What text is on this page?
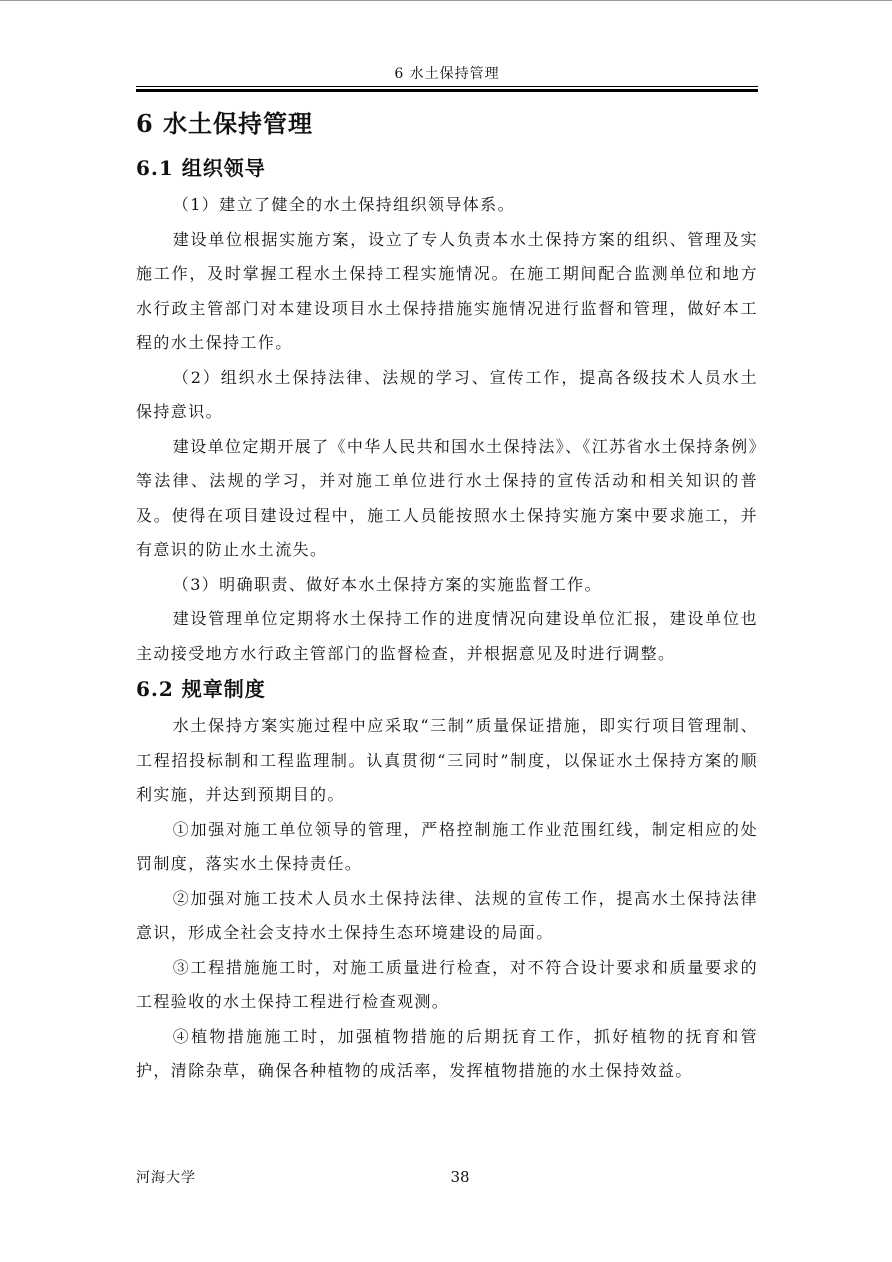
6 水土保持管理
6 水土保持管理
6.1 组织领导

（1）建立了健全的水土保持组织领导体系。

建设单位根据实施方案，设立了专人负责本水土保持方案的组织、管理及实施工作，及时掌握工程水土保持工程实施情况。在施工期间配合监测单位和地方水行政主管部门对本建设项目水土保持措施实施情况进行监督和管理，做好本工程的水土保持工作。

（2）组织水土保持法律、法规的学习、宣传工作，提高各级技术人员水土保持意识。

建设单位定期开展了《中华人民共和国水土保持法》、《江苏省水土保持条例》等法律、法规的学习，并对施工单位进行水土保持的宣传活动和相关知识的普及。使得在项目建设过程中，施工人员能按照水土保持实施方案中要求施工，并有意识的防止水土流失。

（3）明确职责、做好本水土保持方案的实施监督工作。

建设管理单位定期将水土保持工作的进度情况向建设单位汇报，建设单位也主动接受地方水行政主管部门的监督检查，并根据意见及时进行调整。

6.2 规章制度

水土保持方案实施过程中应采取“三制”质量保证措施，即实行项目管理制、工程招投标制和工程监理制。认真贯彻“三同时”制度，以保证水土保持方案的顺利实施，并达到预期目的。

①加强对施工单位领导的管理，严格控制施工作业范围红线，制定相应的处罚制度，落实水土保持责任。

②加强对施工技术人员水土保持法律、法规的宣传工作，提高水土保持法律意识，形成全社会支持水土保持生态环境建设的局面。

③工程措施施工时，对施工质量进行检查，对不符合设计要求和质量要求的工程验收的水土保持工程进行检查观测。

④植物措施施工时，加强植物措施的后期抚育工作，抓好植物的抚育和管护，清除杂草，确保各种植物的成活率，发挥植物措施的水土保持效益。

河海大学	38
